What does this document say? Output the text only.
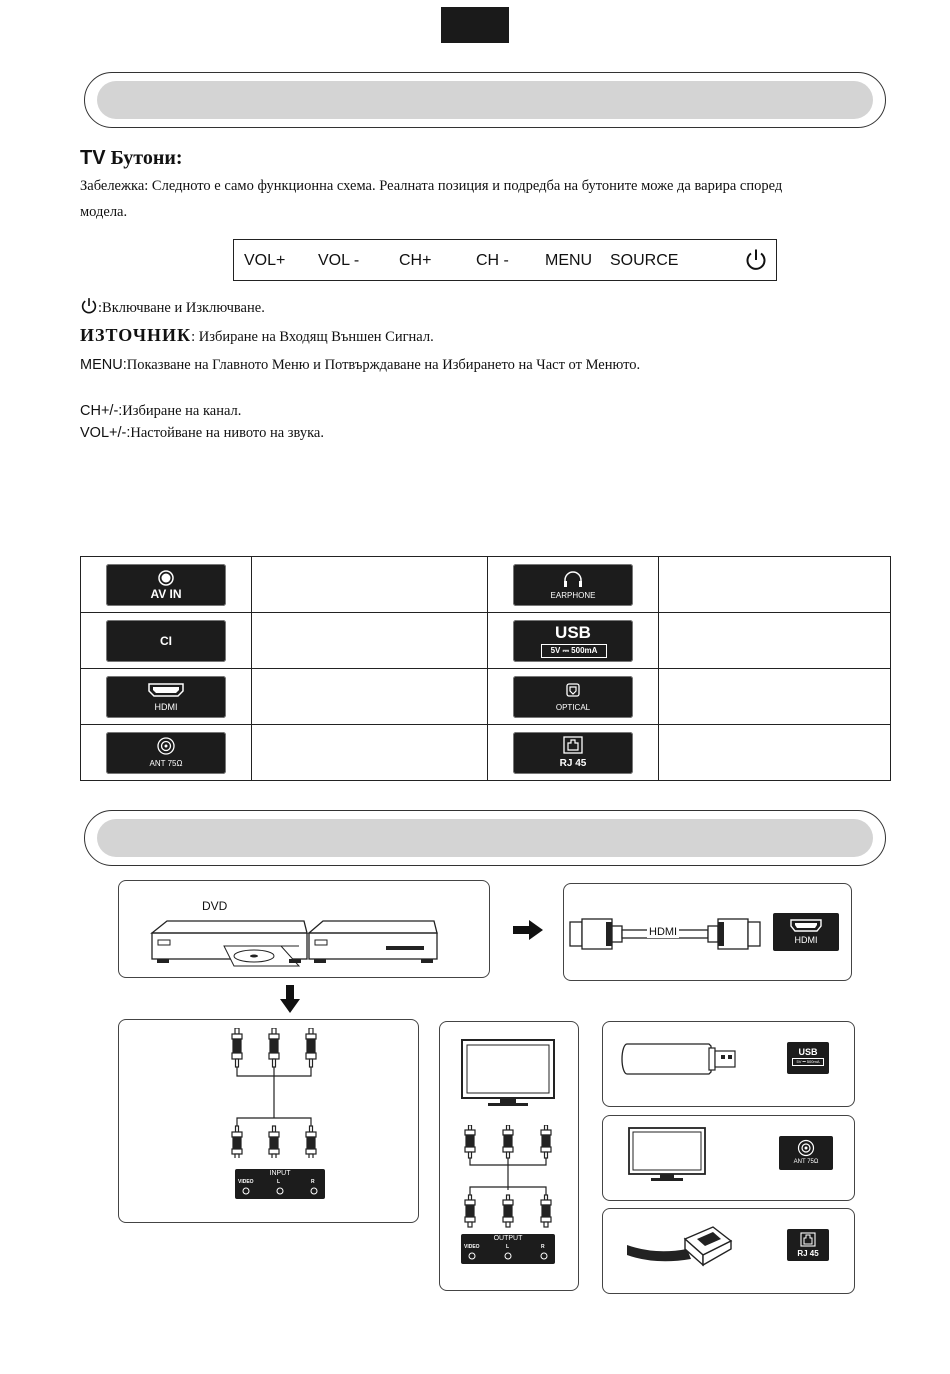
TV Бутони:
Забележка: Следното е само функционна схема. Реалната позиция и подредба на бутоните може да варира според модела.
VOL+ VOL - CH+	CH - MENU SOURCE
:Включване и Изключване.
ИЗТОЧНИК: Избиране на Входящ Външен Сигнал.
MENU:Показване на Главното Меню и Потвърждаване на Избирането на Част от Менюто.
CH+/-:Избиране на канал.
VOL+/-:Настойване на нивото на звука.
AV IN		EARPHONE	

CI		USB
5V ⎓ 500mA	

HDMI		OPTICAL	

ANT 75Ω		RJ 45	

DVD
HDMI
HDMI
INPUT
VIDEO	L	R
OUTPUT
VIDEO	L	R
USB
5V ⎓ 500mA
ANT 75Ω
RJ 45
